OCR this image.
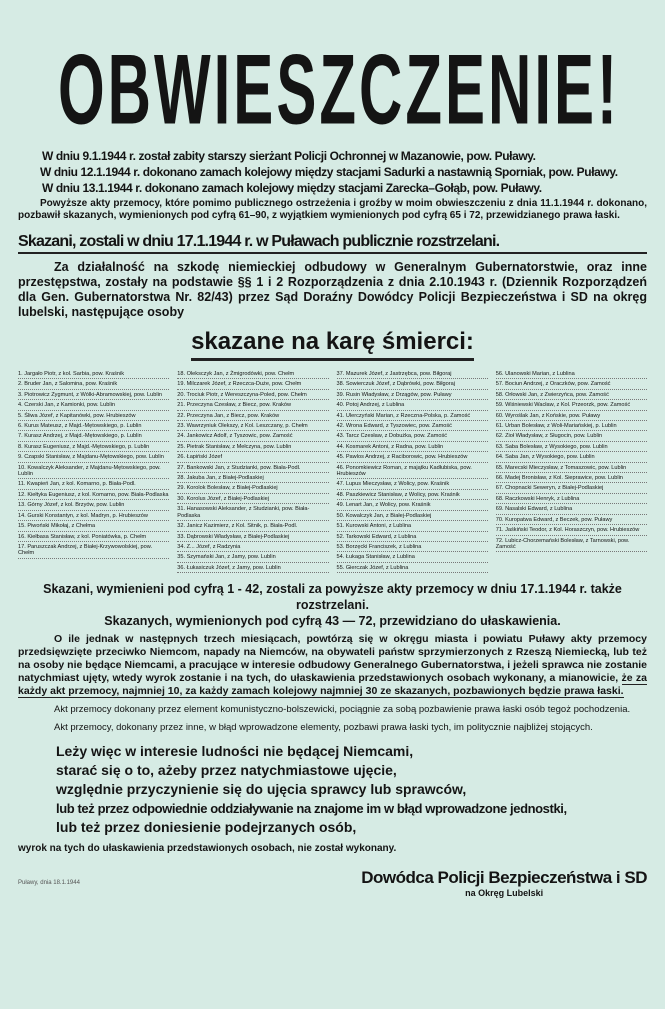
OBWIESZCZENIE!
W dniu 9.1.1944 r. został zabity starszy sierżant Policji Ochronnej w Mazanowie, pow. Puławy.
W dniu 12.1.1944 r. dokonano zamach kolejowy między stacjami Sadurki a nastawnią Sporniak, pow. Puławy.
W dniu 13.1.1944 r. dokonano zamach kolejowy między stacjami Zarecka–Gołąb, pow. Puławy.
Powyższe akty przemocy, które pomimo publicznego ostrzeżenia i groźby w moim obwieszczeniu z dnia 11.1.1944 r. dokonano, pozbawił skazanych, wymienionych pod cyfrą 61–90, z wyjątkiem wymienionych pod cyfrą 65 i 72, przewidzianego prawa łaski.
Skazani, zostali w dniu 17.1.1944 r. w Puławach publicznie rozstrzelani.
Za działalność na szkodę niemieckiej odbudowy w Generalnym Gubernatorstwie, oraz inne przestępstwa, zostały na podstawie §§ 1 i 2 Rozporządzenia z dnia 2.10.1943 r. (Dziennik Rozporządzeń dla Gen. Gubernatorstwa Nr. 82/43) przez Sąd Doraźny Dowódcy Policji Bezpieczeństwa i SD na okręg lubelski, następujące osoby
skazane na karę śmierci:
1. Jargało Piotr, z kol. Sarbia, pow. Kraśnik
2. Bruder Jan, z Salomina, pow. Kraśnik
3. Piotrowicz Zygmunt, z Wólki-Abramowskiej, pow. Lublin
4. Czerski Jan, z Kamionki, pow. Lublin
5. Śliwa Józef, z Kapitanówki, pow. Hrubieszów
6. Kurus Mateusz, z Majd.-Mętowskiego, p. Lublin
7. Kurasz Andrzej, z Majd.-Mętowskiego, p. Lublin
8. Kurasz Eugeniusz, z Majd.-Mętowskiego, p. Lublin
9. Czapski Stanisław, z Majdanu-Mętowskiego, pow. Lublin
10. Kowalczyk Aleksander, z Majdanu-Mętowskiego, pow. Lublin
11. Kwapień Jan, z kol. Komarno, p. Biała-Podl.
12. Kiełtyka Eugeniusz, z kol. Komarno, pow. Biała-Podlaska
13. Górny Józef, z kol. Brzyów, pow. Lublin
14. Gurski Konstantyn, z kol. Madryn, p. Hrubieszów
15. Piwoński Mikołaj, z Chełma
16. Kiełbasa Stanisław, z kol. Poniatówka, p. Chełm
17. Paruszczak Andrzej, z Białej-Krzywowolskiej, pow. Chełm
18. Oleksczyk Jan, z Żmigrodówki, pow. Chełm
19. Milczarek Józef, z Rzeczca-Duże, pow. Chełm
20. Trociuk Piotr, z Wereszczyna-Poled, pow. Chełm
21. Przeczyna Czesław, z Biecz, pow. Kraków
22. Przeczyna Jan, z Biecz, pow. Kraków
23. Wawrzyniuk Olekszy, z Kol. Leszczany, p. Chełm
24. Jankowicz Adolf, z Tyszowic, pow. Zamość
25. Pietrak Stanisław, z Mełczyna, pow. Lublin
26. Łapiński Józef
27. Bankowski Jan, z Studzianki, pow. Biała-Podl.
28. Jakuba Jan, z Białej-Podlaskiej
29. Korolok Bolesław, z Białej-Podlaskiej
30. Korolus Józef, z Białej-Podlaskiej
31. Hanasowski Aleksander, z Studzianki, pow. Biała-Podlaska
32. Janicz Kazimierz, z Kol. Sitnik, p. Biała-Podl.
33. Dąbrowski Władysław, z Białej-Podlaskiej
34. Z... Józef, z Radzynia
35. Szymański Jan, z Jamy, pow. Lublin
36. Łukasiczuk Józef, z Jamy, pow. Lublin
37. Mazurek Józef, z Jastrzębca, pow. Biłgoraj
38. Sowierczuk Józef, z Dąbrówki, pow. Biłgoraj
39. Rusin Władysław, z Drzągów, pow. Puławy
40. Potoj Andrzej, z Lublina
41. Ulerczyński Marian, z Rzeczna-Polska, p. Zamość
42. Wrona Edward, z Tyszowiec, pow. Zamość
43. Tarcz Czesław, z Dobużka, pow. Zamość
44. Kosmarek Antoni, z Radna, pow. Lublin
45. Pawlos Andrzej, z Raciborowic, pow. Hrubieszów
46. Ponomkiewicz Roman, z majątku Kadłubiska, pow. Hrubieszów
47. Lupus Mieczysław, z Wolicy, pow. Kraśnik
48. Paszkiewicz Stanisław, z Wolicy, pow. Kraśnik
49. Lenart Jan, z Wolicy, pow. Kraśnik
50. Kowalczyk Jan, z Białej-Podlaskiej
51. Kurowski Antoni, z Lublina
52. Tarkowski Edward, z Lublina
53. Borzęcki Franciszek, z Lublina
54. Łukaga Stanisław, z Lublina
55. Gierczak Józef, z Lublina
56. Ulanowski Marian, z Lublina
57. Bociun Andrzej, z Oraczków, pow. Zamość
58. Orłowski Jan, z Zwierzyńca, pow. Zamość
59. Wiśniewski Wacław, z Kol. Przeorzk, pow. Zamość
60. Wyroślak Jan, z Końskie, pow. Puławy
61. Urban Bolesław, z Woli-Mariańskiej, p. Lublin
62. Zioł Władysław, z Sługocin, pow. Lublin
63. Saba Bolesław, z Wysokiego, pow. Lublin
64. Saba Jan, z Wysokiego, pow. Lublin
65. Marecski Mieczysław, z Tomaszowic, pow. Lublin
66. Madej Bronisław, z Kol. Sieprawice, pow. Lublin
67. Chopnacki Seweryn, z Białej-Podlaskiej
68. Raczkowski Henryk, z Lublina
69. Nasalski Edward, z Lublina
70. Kuropatwa Edward, z Beczek, pow. Puławy
71. Jaśkiński Teodor, z Kol. Horaszczyn, pow. Hrubieszów
72. Lubicz-Chorzemański Bolesław, z Tarnowski, pow. Zamość
Skazani, wymienieni pod cyfrą 1 - 42, zostali za powyższe akty przemocy w dniu 17.1.1944 r. także rozstrzelani.
Skazanych, wymienionych pod cyfrą 43 — 72, przewidziano do ułaskawienia.
O ile jednak w następnych trzech miesiącach, powtórzą się w okręgu miasta i powiatu Puławy akty przemocy przedsięwzięte przeciwko Niemcom, napady na Niemców, na obywateli państw sprzymierzonych z Rzeszą Niemiecką, lub też na osoby nie będące Niemcami, a pracujące w interesie odbudowy Generalnego Gubernatorstwa, i jeżeli sprawca nie zostanie natychmiast ujęty, wtedy wyrok zostanie i na tych, do ułaskawienia przedstawionych osobach wykonany, a mianowicie, że za każdy akt przemocy, najmniej 10, za każdy zamach kolejowy najmniej 30 ze skazanych, pozbawionych będzie prawa łaski.
Akt przemocy dokonany przez element komunistyczno-bolszewicki, pociągnie za sobą pozbawienie prawa łaski osób tegoż pochodzenia.
Akt przemocy, dokonany przez inne, w błąd wprowadzone elementy, pozbawi prawa łaski tych, im politycznie najbliżej stojących.
Leży więc w interesie ludności nie będącej Niemcami,
starać się o to, ażeby przez natychmiastowe ujęcie,
względnie przyczynienie się do ujęcia sprawcy lub sprawców,
lub też przez odpowiednie oddziaływanie na znajome im w błąd wprowadzone jednostki,
lub też przez doniesienie podejrzanych osób,
wyrok na tych do ułaskawienia przedstawionych osobach, nie został wykonany.
Puławy, dnia 18.1.1944	Dowódca Policji Bezpieczeństwa i SD
na Okręg Lubelski
